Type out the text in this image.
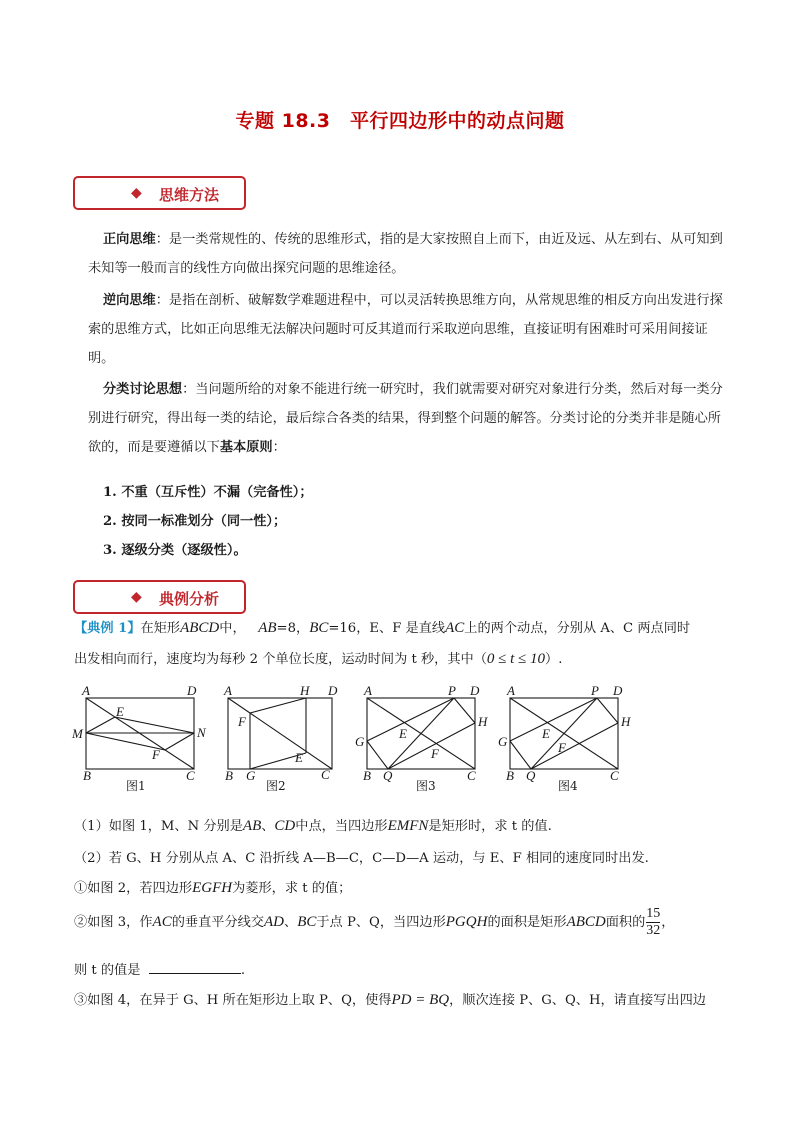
专题 18.3　平行四边形中的动点问题
◆ 思维方法
正向思维：是一类常规性的、传统的思维形式，指的是大家按照自上而下，由近及远、从左到右、从可知到未知等一般而言的线性方向做出探究问题的思维途径。
逆向思维：是指在剖析、破解数学难题进程中，可以灵活转换思维方向，从常规思维的相反方向出发进行探索的思维方式，比如正向思维无法解决问题时可反其道而行采取逆向思维，直接证明有困难时可采用间接证明。
分类讨论思想：当问题所给的对象不能进行统一研究时，我们就需要对研究对象进行分类，然后对每一类分别进行研究，得出每一类的结论，最后综合各类的结果，得到整个问题的解答。分类讨论的分类并非是随心所欲的，而是要遵循以下基本原则：
1. 不重（互斥性）不漏（完备性）；
2. 按同一标准划分（同一性）；
3. 逐级分类（逐级性）。
◆ 典例分析
【典例 1】在矩形ABCD中， AB=8，BC=16，E、F 是直线AC上的两个动点，分别从 A、C 两点同时
出发相向而行，速度均为每秒 2 个单位长度，运动时间为 t 秒，其中（0 ≤ t ≤ 10）.
A	D
E
M	N
F
B	C
图1
A	H D
F
E
B G	C
图2
A	P D
H
E
G
F
B Q	C
图3
A	P D
H
E
G	F
B Q	C
图4
（1）如图 1，M、N 分别是AB、CD中点，当四边形EMFN是矩形时，求 t 的值.
（2）若 G、H 分别从点 A、C 沿折线 A—B—C，C—D—A 运动，与 E、F 相同的速度同时出发.
①如图 2，若四边形EGFH为菱形，求 t 的值；
②如图 3，作AC的垂直平分线交AD、BC于点 P、Q，当四边形PGQH的面积是矩形ABCD面积的 $\frac{15}{32}$ ，
则 t 的值是	.
③如图 4，在异于 G、H 所在矩形边上取 P、Q，使得PD = BQ，顺次连接 P、G、Q、H，请直接写出四边
